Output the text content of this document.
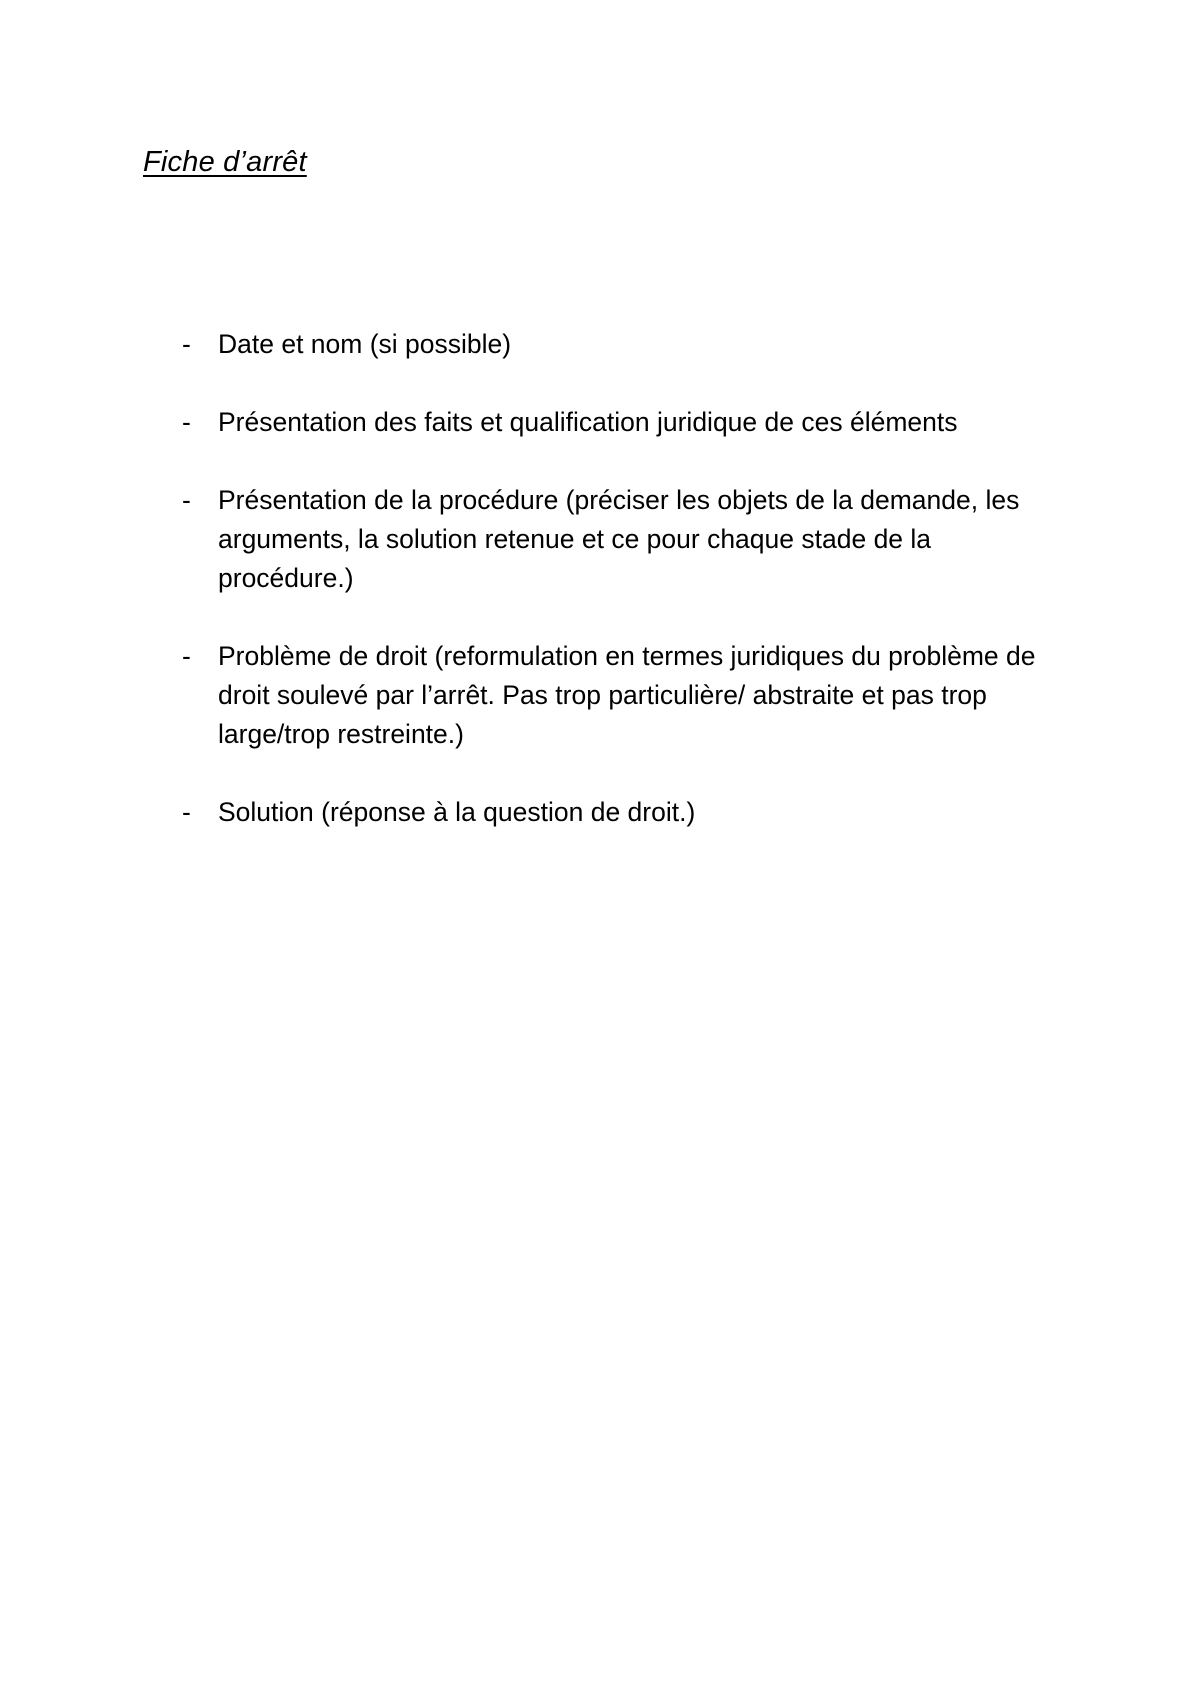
Fiche d’arrêt
-	Date et nom (si possible)
-	Présentation des faits et qualification juridique de ces éléments
-	Présentation de la procédure (préciser les objets de la demande, les arguments, la solution retenue et ce pour chaque stade de la procédure.)
-	Problème de droit (reformulation en termes juridiques du problème de droit soulevé par l’arrêt. Pas trop particulière/ abstraite et pas trop large/trop restreinte.)
-	Solution (réponse à la question de droit.)
